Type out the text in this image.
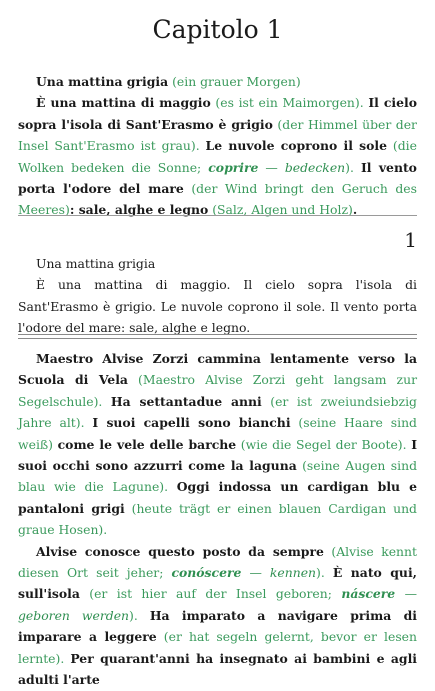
Capitolo 1

Una mattina grigia (ein grauer Morgen)

È una mattina di maggio (es ist ein Maimorgen). Il cielo sopra l'isola di Sant'Erasmo è grigio (der Himmel über der Insel Sant'Erasmo ist grau). Le nuvole coprono il sole (die Wolken bedeken die Sonne; coprire — bedecken). Il vento porta l'odore del mare (der Wind bringt den Geruch des Meeres): sale, alghe e legno (Salz, Algen und Holz).

1

Una mattina grigia

È una mattina di maggio. Il cielo sopra l'isola di Sant'Erasmo è grigio. Le nuvole coprono il sole. Il vento porta l'odore del mare: sale, alghe e legno.

Maestro Alvise Zorzi cammina lentamente verso la Scuola di Vela (Maestro Alvise Zorzi geht langsam zur Segelschule). Ha settantadue anni (er ist zweiundsiebzig Jahre alt). I suoi capelli sono bianchi (seine Haare sind weiß) come le vele delle barche (wie die Segel der Boote). I suoi occhi sono azzurri come la laguna (seine Augen sind blau wie die Lagune). Oggi indossa un cardigan blu e pantaloni grigi (heute trägt er einen blauen Cardigan und graue Hosen).

Alvise conosce questo posto da sempre (Alvise kennt diesen Ort seit jeher; conóscere — kennen). È nato qui, sull'isola (er ist hier auf der Insel geboren; náscere — geboren werden). Ha imparato a navigare prima di imparare a leggere (er hat segeln gelernt, bevor er lesen lernte). Per quarant'anni ha insegnato ai bambini e agli adulti l'arte
